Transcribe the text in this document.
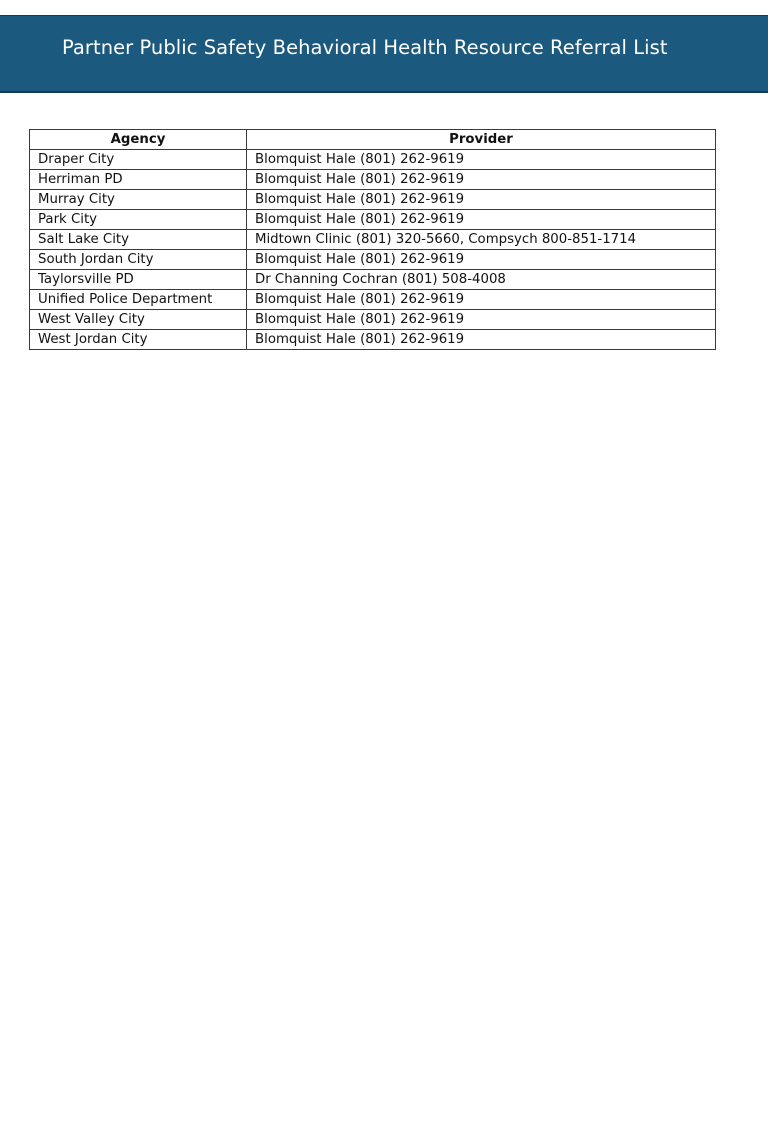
Partner Public Safety Behavioral Health Resource Referral List
Agency	Provider
Draper City	Blomquist Hale (801) 262-9619
Herriman PD	Blomquist Hale (801) 262-9619
Murray City	Blomquist Hale (801) 262-9619
Park City	Blomquist Hale (801) 262-9619
Salt Lake City	Midtown Clinic (801) 320-5660, Compsych 800-851-1714
South Jordan City	Blomquist Hale (801) 262-9619
Taylorsville PD	Dr Channing Cochran (801) 508-4008
Unified Police Department	Blomquist Hale (801) 262-9619
West Valley City	Blomquist Hale (801) 262-9619
West Jordan City	Blomquist Hale (801) 262-9619
